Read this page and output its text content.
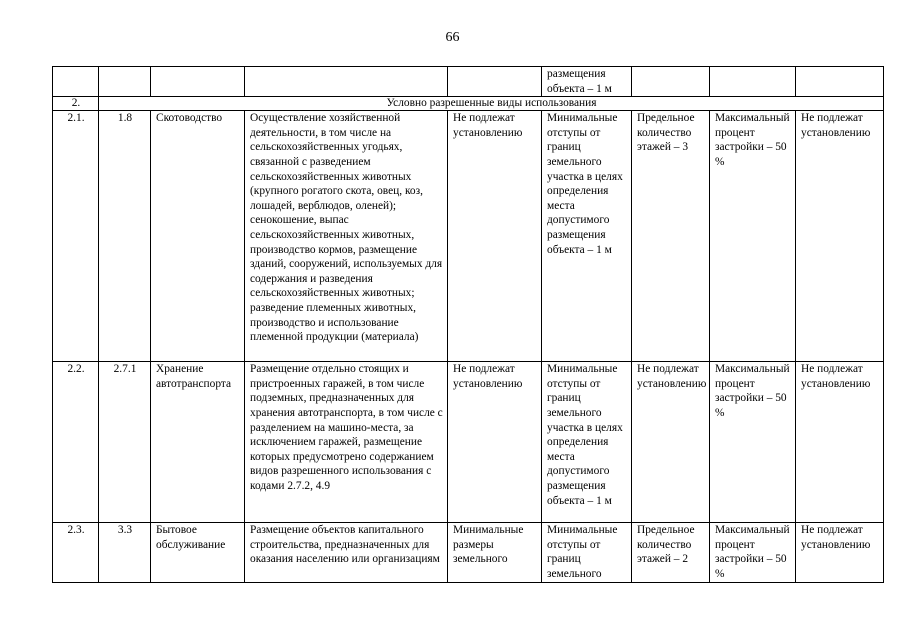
66
					размещения объекта – 1 м			
2.	Условно разрешенные виды использования							
2.1.	1.8	Скотоводство	Осуществление хозяйственной деятельности, в том числе на сельскохозяйственных угодьях, связанной с разведением сельскохозяйственных животных (крупного рогатого скота, овец, коз, лошадей, верблюдов, оленей); сенокошение, выпас сельскохозяйственных животных, производство кормов, размещение зданий, сооружений, используемых для содержания и разведения сельскохозяйственных животных; разведение племенных животных, производство и использование племенной продукции (материала)	Не подлежат установлению	Минимальные отступы от границ земельного участка в целях определения места допустимого размещения объекта – 1 м	Предельное количество этажей – 3	Максимальный процент застройки – 50 %	Не подлежат установлению
2.2.	2.7.1	Хранение автотранспорта	Размещение отдельно стоящих и пристроенных гаражей, в том числе подземных, предназначенных для хранения автотранспорта, в том числе с разделением на машино-места, за исключением гаражей, размещение которых предусмотрено содержанием видов разрешенного использования с кодами 2.7.2, 4.9	Не подлежат установлению	Минимальные отступы от границ земельного участка в целях определения места допустимого размещения объекта – 1 м	Не подлежат установлению	Максимальный процент застройки – 50 %	Не подлежат установлению
2.3.	3.3	Бытовое обслуживание	Размещение объектов капитального строительства, предназначенных для оказания населению или организациям	Минимальные размеры земельного	Минимальные отступы от границ земельного	Предельное количество этажей – 2	Максимальный процент застройки – 50 %	Не подлежат установлению
